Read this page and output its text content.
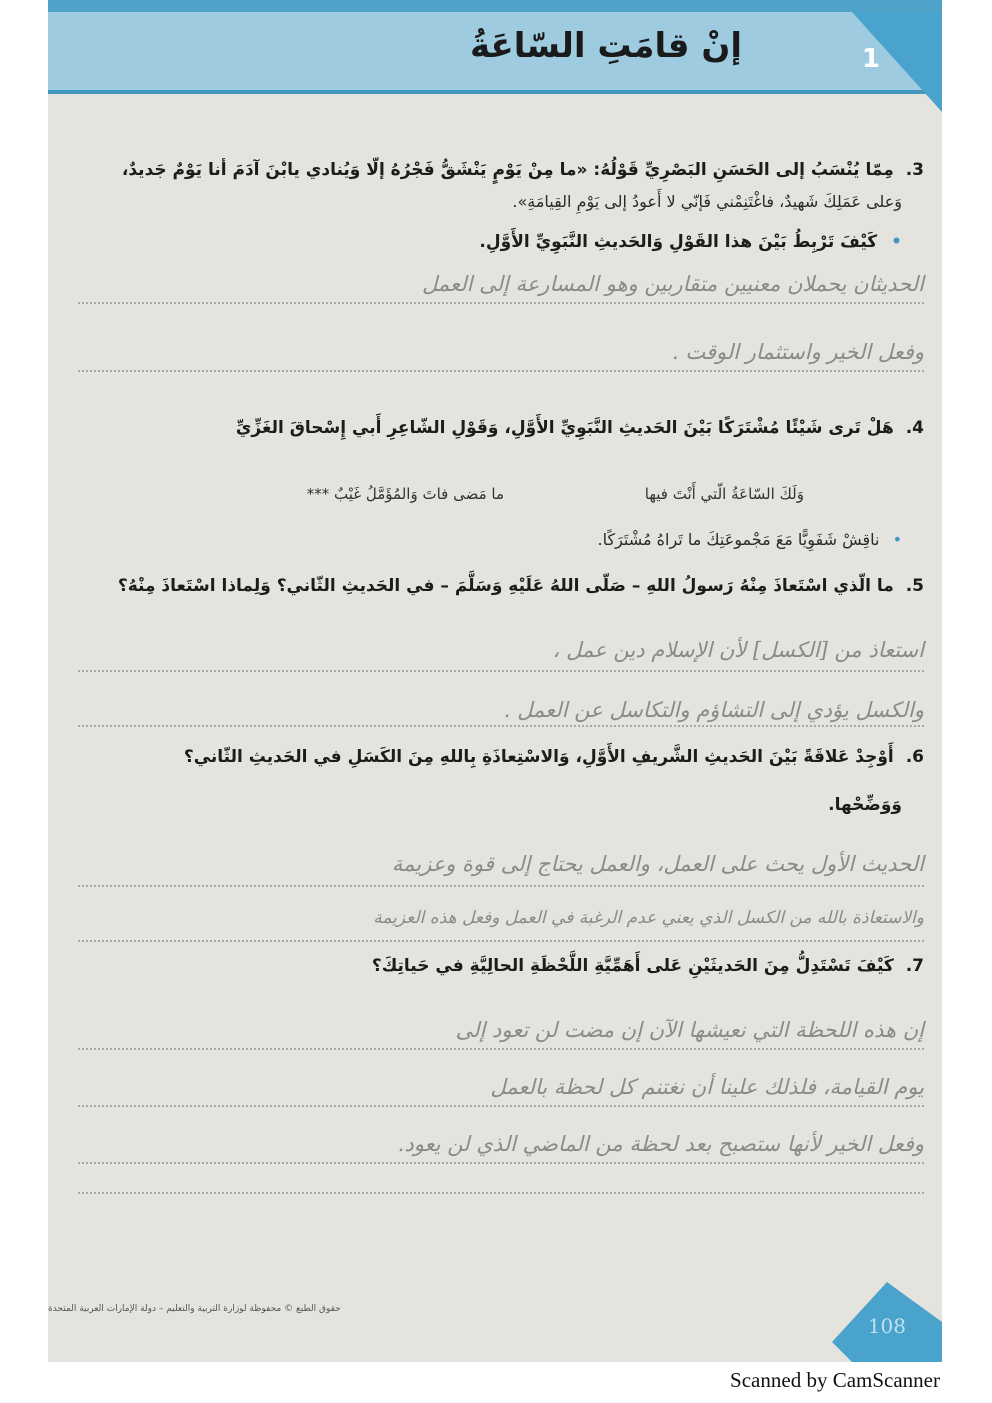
إنْ قامَتِ السّاعَةُ	1
3. مِمّا يُنْسَبُ إلى الحَسَنِ البَصْرِيِّ قَوْلُهُ: «ما مِنْ يَوْمٍ يَنْشَقُّ فَجْرُهُ إلّا وَيُنادي يابْنَ آدَمَ أنا يَوْمٌ جَديدٌ،
وَعلى عَمَلِكَ شَهيدٌ، فاغْتَنِمْني فَإنّي لا أَعودُ إلى يَوْمِ القِيامَةِ».
• كَيْفَ تَرْبِطُ بَيْنَ هذا القَوْلِ وَالحَديثِ النَّبَوِيِّ الأَوَّلِ.
الحديثان يحملان معنيين متقاربين وهو المسارعة إلى العمل
وفعل الخير واستثمار الوقت .
4. هَلْ تَرى شَيْئًا مُشْتَرَكًا بَيْنَ الحَديثِ النَّبَوِيِّ الأَوَّلِ، وَقَوْلِ الشّاعِرِ أَبي إِسْحاقَ الغَزِّيِّ
ما مَضى فاتَ وَالمُؤَمَّلُ غَيْبٌ ***	وَلَكَ السّاعَةُ الّتي أَنْتَ فيها
• ناقِشْ شَفَوِيًّا مَعَ مَجْموعَتِكَ ما تَراهُ مُشْتَرَكًا.
5. ما الّذي اسْتَعاذَ مِنْهُ رَسولُ اللهِ – صَلّى اللهُ عَلَيْهِ وَسَلَّمَ – في الحَديثِ الثّاني؟ وَلِماذا اسْتَعاذَ مِنْهُ؟
استعاذ من [الكسل] لأن الإسلام دين عمل ،
والكسل يؤدي إلى التشاؤم والتكاسل عن العمل .
6. أَوْجِدْ عَلاقَةً بَيْنَ الحَديثِ الشَّريفِ الأَوَّلِ، وَالاسْتِعاذَةِ بِاللهِ مِنَ الكَسَلِ في الحَديثِ الثّاني؟
وَوَضِّحْها.
الحديث الأول يحث على العمل، والعمل يحتاج إلى قوة وعزيمة
والاستعاذة بالله من الكسل الذي يعني عدم الرغبة في العمل وفعل هذه العزيمة
7. كَيْفَ تَسْتَدِلُّ مِنَ الحَديثَيْنِ عَلى أَهَمِّيَّةِ اللَّحْظَةِ الحالِيَّةِ في حَياتِكَ؟
إن هذه اللحظة التي نعيشها الآن إن مضت لن تعود إلى
يوم القيامة، فلذلك علينا أن نغتنم كل لحظة بالعمل
وفعل الخير لأنها ستصبح بعد لحظة من الماضي الذي لن يعود.
حقوق الطبع © محفوظة لوزارة التربية والتعليم – دولة الإمارات العربية المتحدة
108
Scanned by CamScanner
